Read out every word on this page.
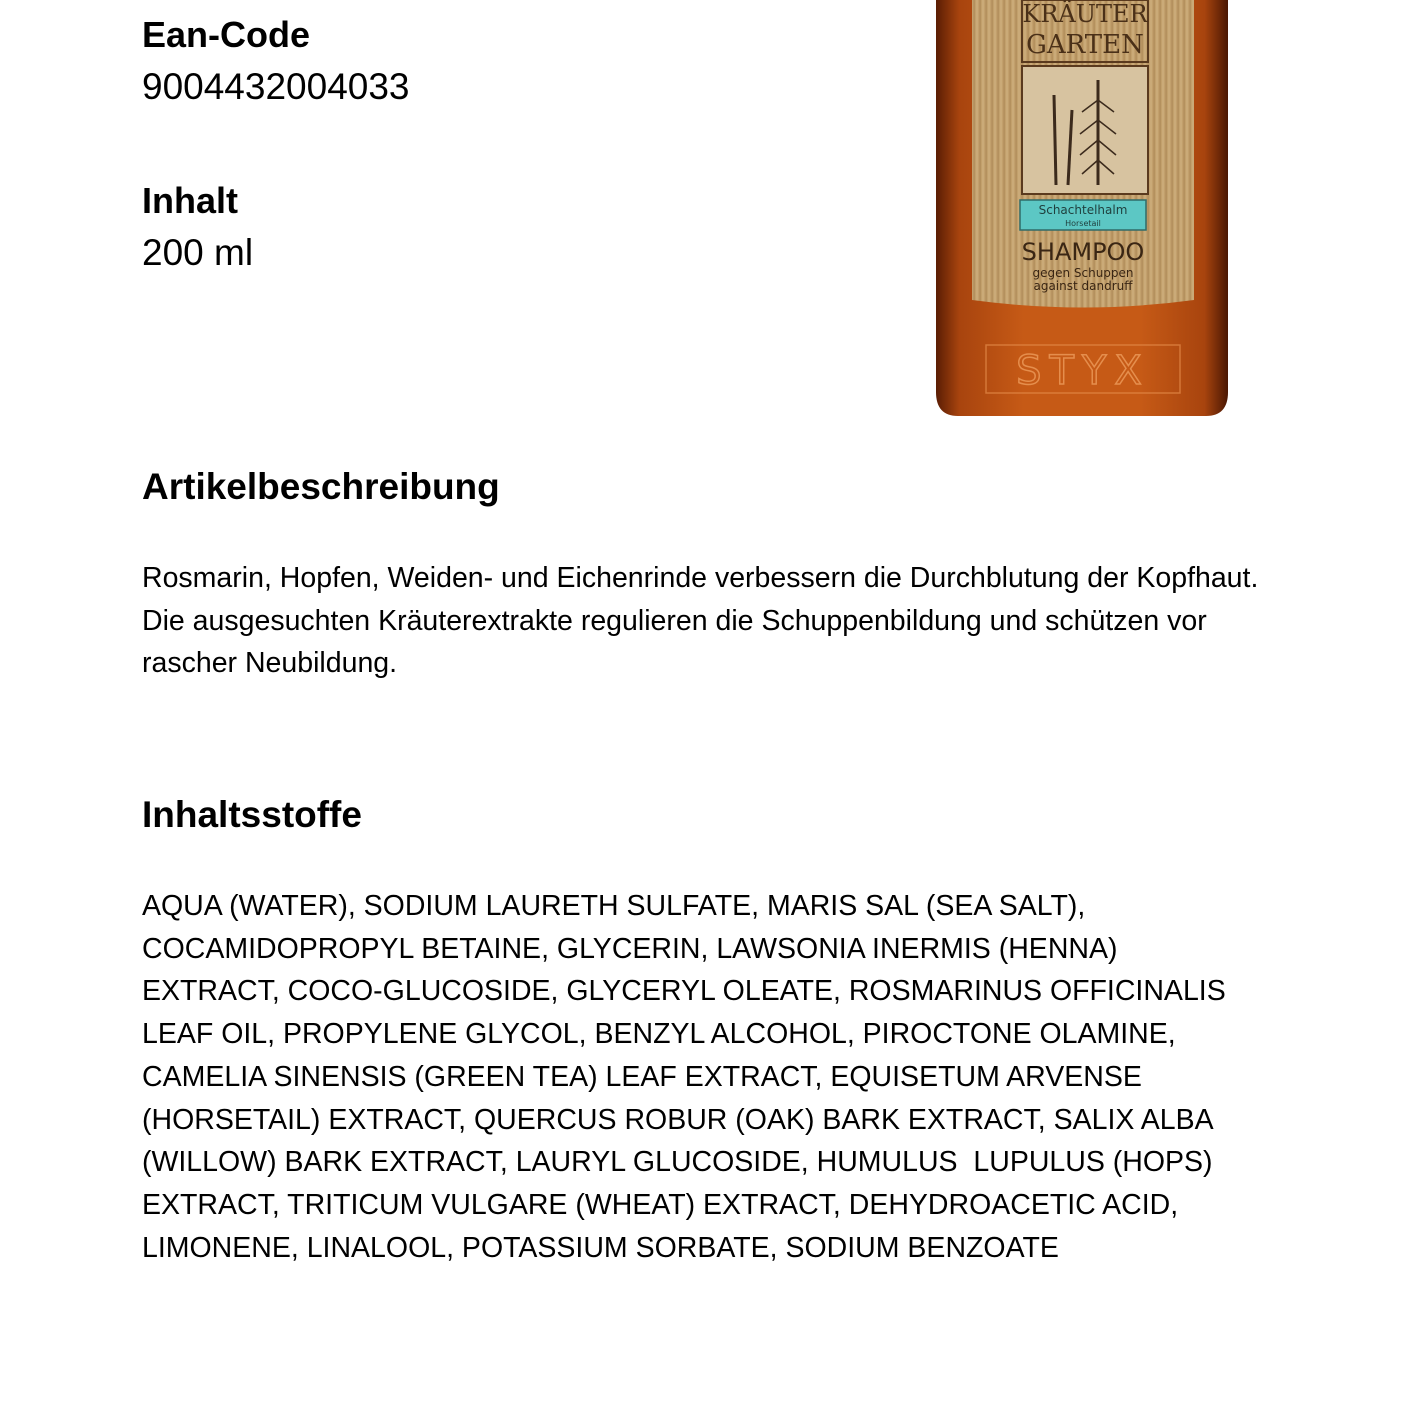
Ean-Code
9004432004033
Inhalt
200 ml
KRÄUTER
GARTEN
Schachtelhalm
Horsetail
SHAMPOO
gegen Schuppen
against dandruff
STYX
Artikelbeschreibung
Rosmarin, Hopfen, Weiden- und Eichenrinde verbessern die Durchblutung der Kopfhaut.
Die ausgesuchten Kräuterextrakte regulieren die Schuppenbildung und schützen vor rascher Neubildung.
Inhaltsstoffe
AQUA (WATER), SODIUM LAURETH SULFATE, MARIS SAL (SEA SALT), COCAMIDOPROPYL BETAINE, GLYCERIN, LAWSONIA INERMIS (HENNA) EXTRACT, COCO-GLUCOSIDE, GLYCERYL OLEATE, ROSMARINUS OFFICINALIS LEAF OIL, PROPYLENE GLYCOL, BENZYL ALCOHOL, PIROCTONE OLAMINE, CAMELIA SINENSIS (GREEN TEA) LEAF EXTRACT, EQUISETUM ARVENSE (HORSETAIL) EXTRACT, QUERCUS ROBUR (OAK) BARK EXTRACT, SALIX ALBA (WILLOW) BARK EXTRACT, LAURYL GLUCOSIDE, HUMULUS  LUPULUS (HOPS) EXTRACT, TRITICUM VULGARE (WHEAT) EXTRACT, DEHYDROACETIC ACID, LIMONENE, LINALOOL, POTASSIUM SORBATE, SODIUM BENZOATE
